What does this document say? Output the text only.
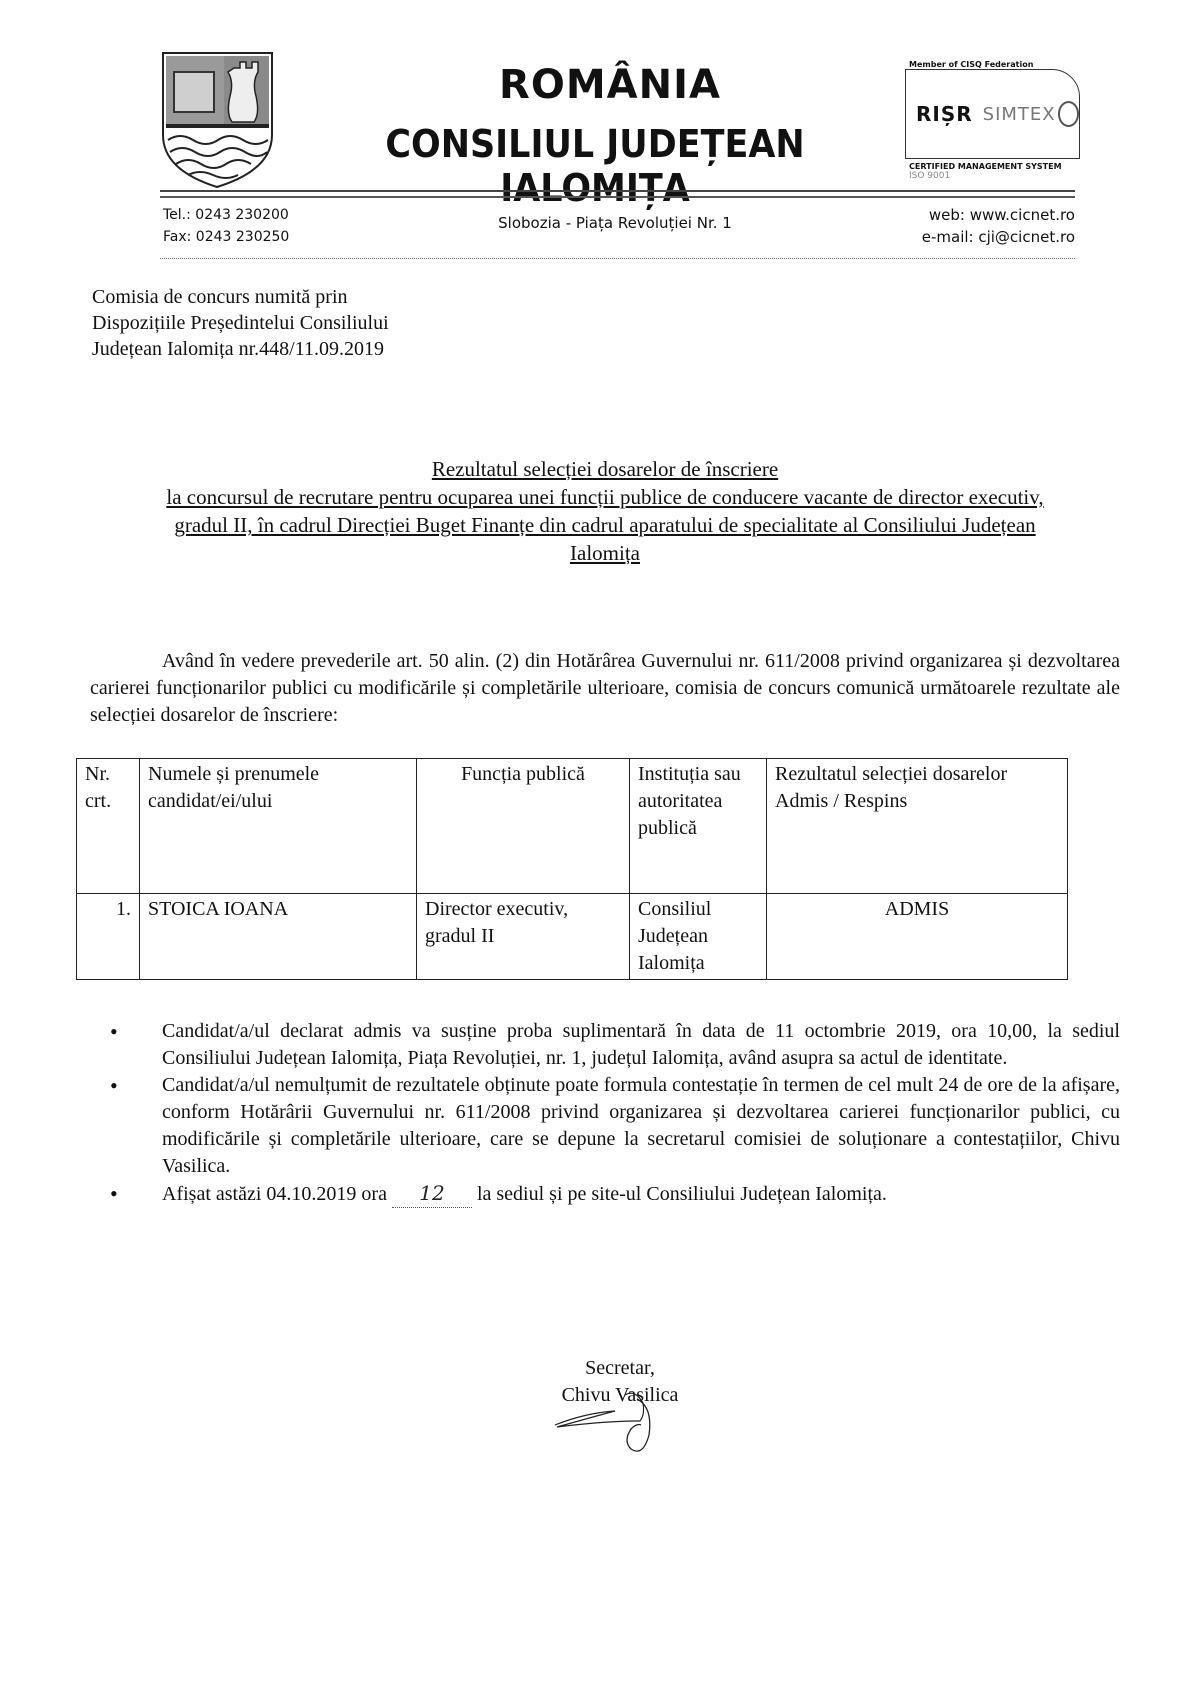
ROMÂNIA
CONSILIUL JUDEȚEAN IALOMIȚA
Member of CISQ Federation
RIȘR SIMTEX
CERTIFIED MANAGEMENT SYSTEM
ISO 9001
Tel.: 0243 230200
Fax: 0243 230250
Slobozia - Piața Revoluției Nr. 1	web: www.cicnet.ro
e-mail: cji@cicnet.ro
Comisia de concurs numită prin
Dispozițiile Președintelui Consiliului
Județean Ialomița nr.448/11.09.2019
Rezultatul selecției dosarelor de înscriere
la concursul de recrutare pentru ocuparea unei funcții publice de conducere vacante de director executiv,
gradul II, în cadrul Direcției Buget Finanțe din cadrul aparatului de specialitate al Consiliului Județean
Ialomița
Având în vedere prevederile art. 50 alin. (2) din Hotărârea Guvernului nr. 611/2008 privind organizarea și dezvoltarea carierei funcționarilor publici cu modificările și completările ulterioare, comisia de concurs comunică următoarele rezultate ale selecției dosarelor de înscriere:
Nr. crt.	Numele și prenumele candidat/ei/ului	Funcția publică	Instituția sau autoritatea publică	Rezultatul selecției dosarelor Admis / Respins
1.	STOICA IOANA	Director executiv, gradul II	Consiliul Județean Ialomița	ADMIS
• Candidat/a/ul declarat admis va susține proba suplimentară în data de 11 octombrie 2019, ora 10,00, la sediul Consiliului Județean Ialomița, Piața Revoluției, nr. 1, județul Ialomița, având asupra sa actul de identitate.
• Candidat/a/ul nemulțumit de rezultatele obținute poate formula contestație în termen de cel mult 24 de ore de la afișare, conform Hotărârii Guvernului nr. 611/2008 privind organizarea și dezvoltarea carierei funcționarilor publici, cu modificările și completările ulterioare, care se depune la secretarul comisiei de soluționare a contestațiilor, Chivu Vasilica.
• Afișat astăzi 04.10.2019 ora 12 la sediul și pe site-ul Consiliului Județean Ialomița.
Secretar,
Chivu Vasilica
